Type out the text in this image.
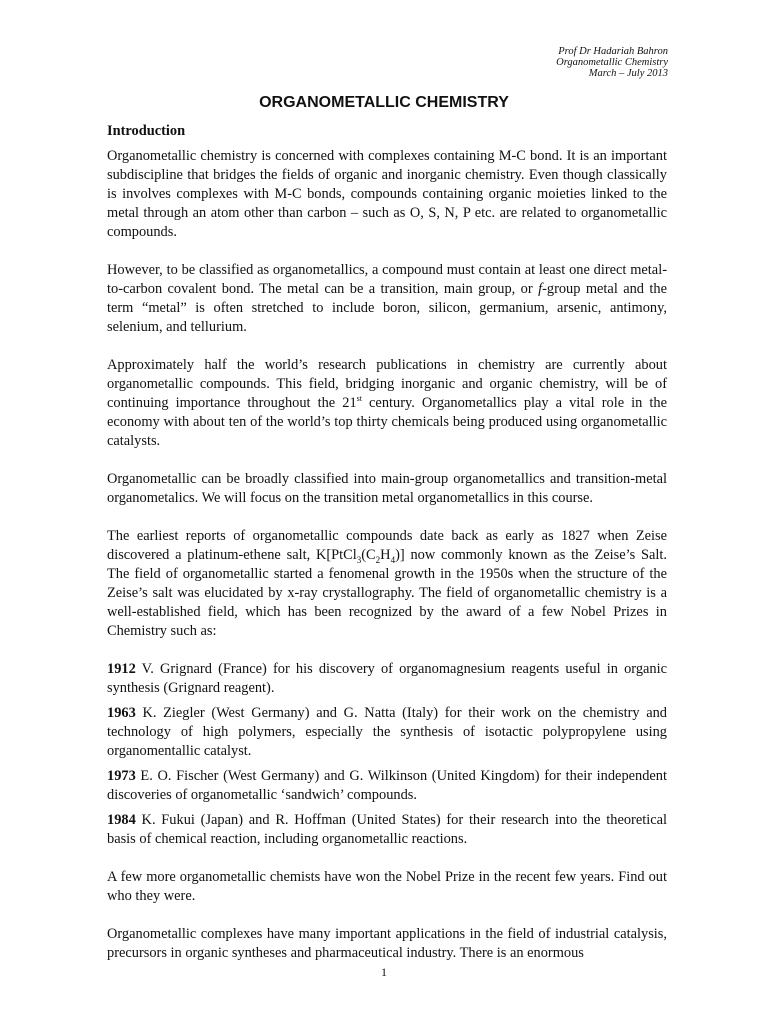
Prof Dr Hadariah Bahron
Organometallic Chemistry
March – July 2013
ORGANOMETALLIC CHEMISTRY
Introduction

Organometallic chemistry is concerned with complexes containing M-C bond. It is an important subdiscipline that bridges the fields of organic and inorganic chemistry. Even though classically is involves complexes with M-C bonds, compounds containing organic moieties linked to the metal through an atom other than carbon – such as O, S, N, P etc. are related to organometallic compounds.

However, to be classified as organometallics, a compound must contain at least one direct metal-to-carbon covalent bond. The metal can be a transition, main group, or f-group metal and the term “metal” is often stretched to include boron, silicon, germanium, arsenic, antimony, selenium, and tellurium.

Approximately half the world’s research publications in chemistry are currently about organometallic compounds. This field, bridging inorganic and organic chemistry, will be of continuing importance throughout the 21st century. Organometallics play a vital role in the economy with about ten of the world’s top thirty chemicals being produced using organometallic catalysts.

Organometallic can be broadly classified into main-group organometallics and transition-metal organometalics. We will focus on the transition metal organometallics in this course.

The earliest reports of organometallic compounds date back as early as 1827 when Zeise discovered a platinum-ethene salt, $K[PtCl_3(C_2H_4)]$ now commonly known as the Zeise’s Salt. The field of organometallic started a fenomenal growth in the 1950s when the structure of the Zeise’s salt was elucidated by x-ray crystallography. The field of organometallic chemistry is a well-established field, which has been recognized by the award of a few Nobel Prizes in Chemistry such as:

1912 V. Grignard (France) for his discovery of organomagnesium reagents useful in organic synthesis (Grignard reagent).

1963 K. Ziegler (West Germany) and G. Natta (Italy) for their work on the chemistry and technology of high polymers, especially the synthesis of isotactic polypropylene using organomentallic catalyst.

1973 E. O. Fischer (West Germany) and G. Wilkinson (United Kingdom) for their independent discoveries of organometallic ‘sandwich’ compounds.

1984 K. Fukui (Japan) and R. Hoffman (United States) for their research into the theoretical basis of chemical reaction, including organometallic reactions.

A few more organometallic chemists have won the Nobel Prize in the recent few years. Find out who they were.

Organometallic complexes have many important applications in the field of industrial catalysis, precursors in organic syntheses and pharmaceutical industry. There is an enormous

1
